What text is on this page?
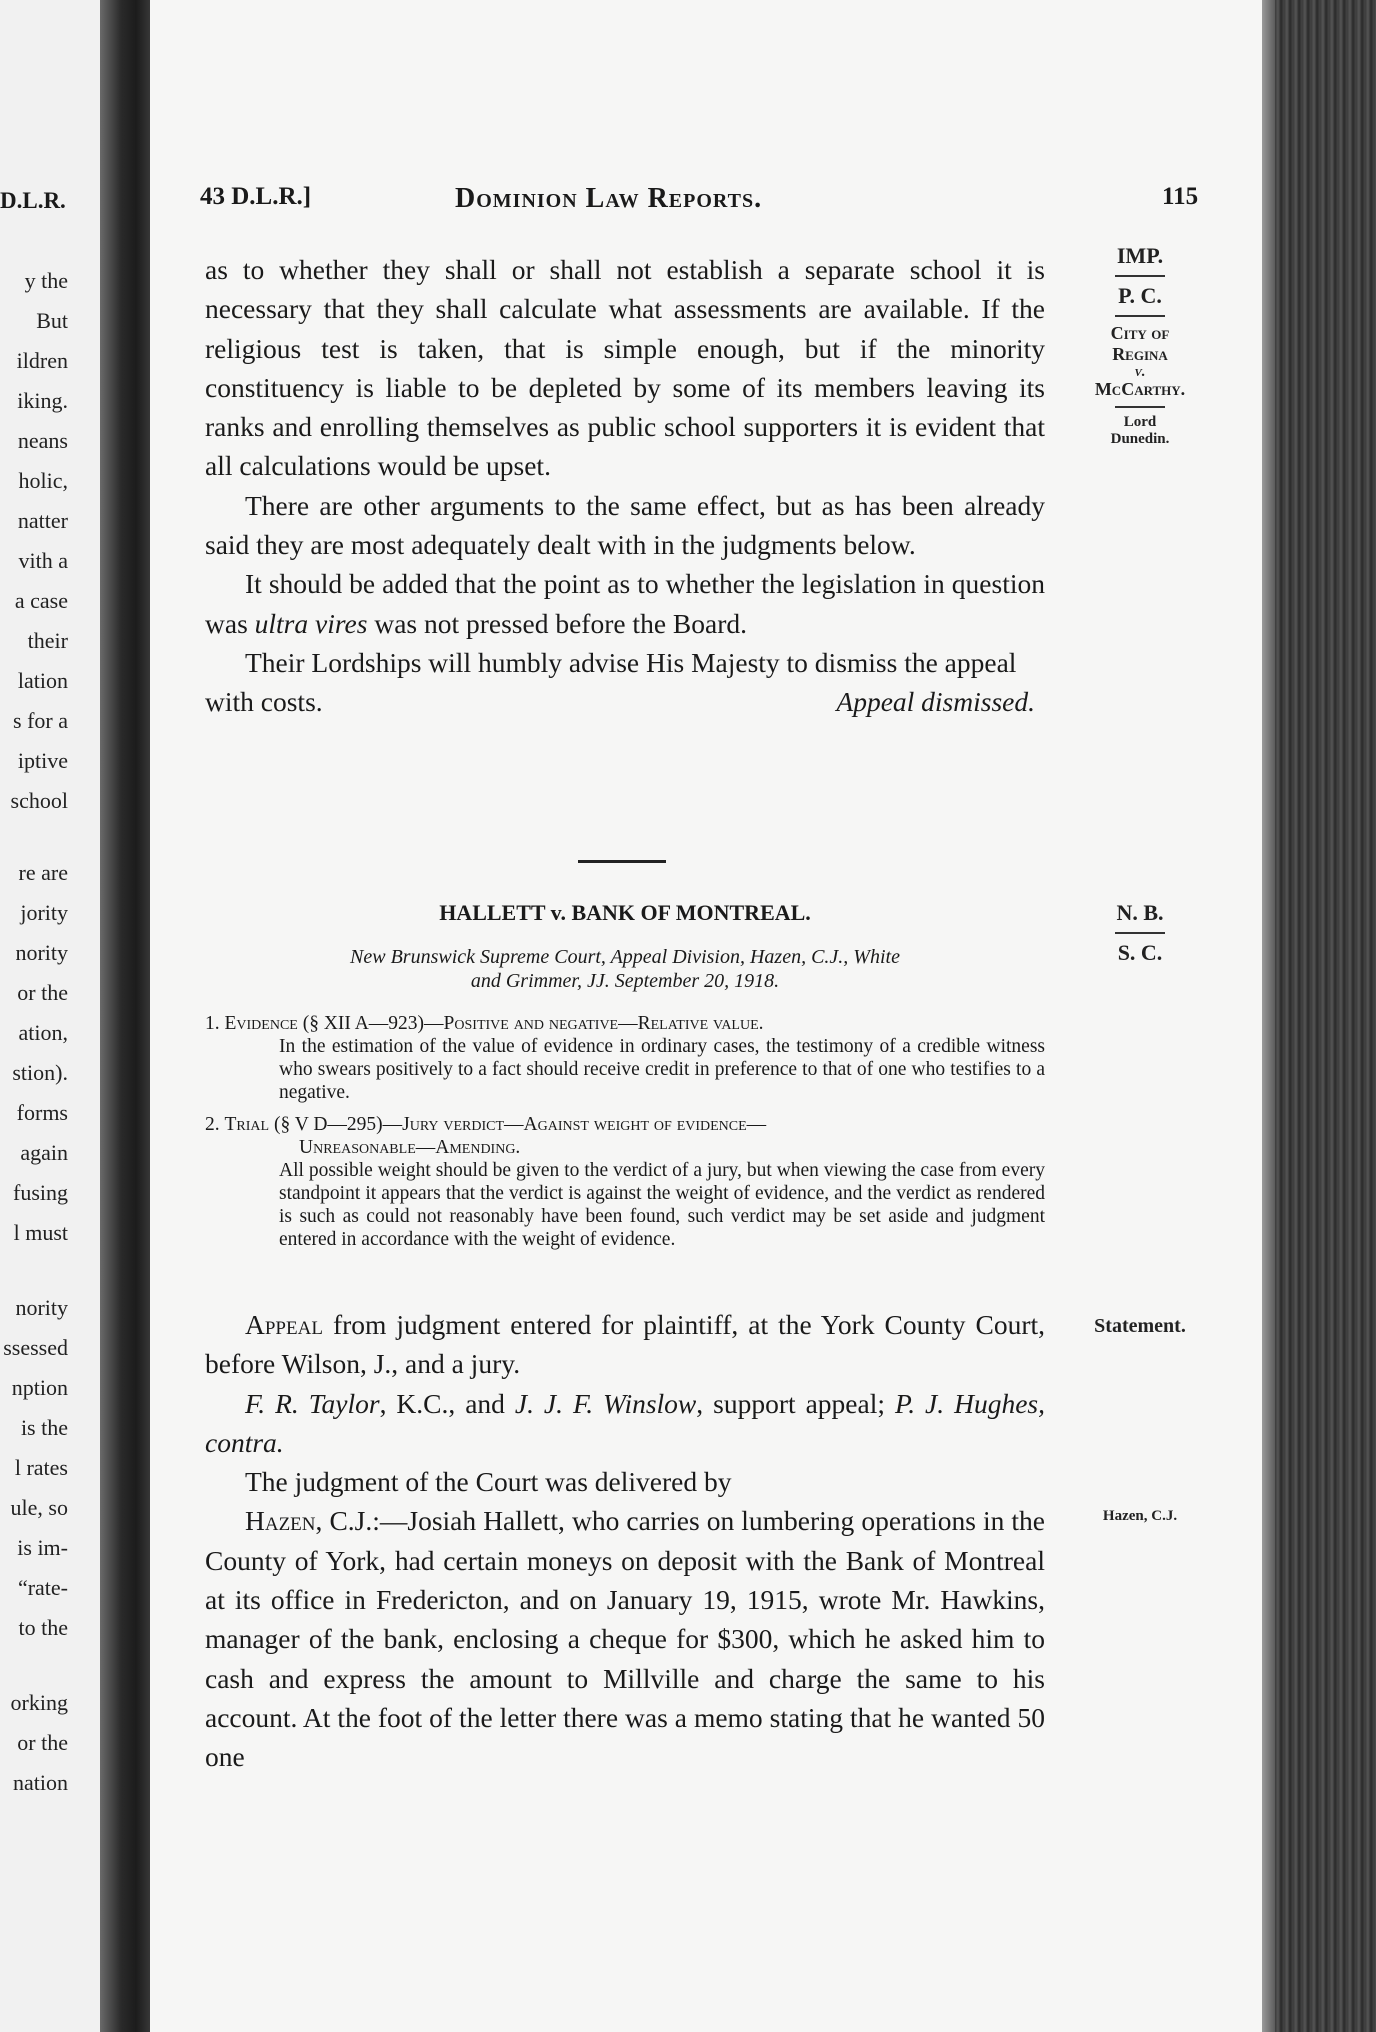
D.L.R.
y the
But
ildren
iking.
neans
holic,
natter
vith a
a case
their
lation
s for a
iptive
school
re are
jority
nority
or the
ation,
stion).
forms
again
fusing
l must
nority
ssessed
nption
is the
l rates
ule, so
is im-
“rate-
to the
orking
or the
nation
43 D.L.R.]	Dominion Law Reports.	115
IMP.
P. C.
City of
Regina
v.
McCarthy.
Lord
Dunedin.

as to whether they shall or shall not establish a separate school it is necessary that they shall calculate what assessments are available. If the religious test is taken, that is simple enough, but if the minority constituency is liable to be depleted by some of its members leaving its ranks and enrolling themselves as public school supporters it is evident that all calculations would be upset.

There are other arguments to the same effect, but as has been already said they are most adequately dealt with in the judgments below.

It should be added that the point as to whether the legislation in question was ultra vires was not pressed before the Board.

Their Lordships will humbly advise His Majesty to dismiss the appeal with costs.	Appeal dismissed.

HALLETT v. BANK OF MONTREAL.	N. B.
S. C.
New Brunswick Supreme Court, Appeal Division, Hazen, C.J., White
and Grimmer, JJ. September 20, 1918.

1. Evidence (§ XII A—923)—Positive and negative—Relative value.

In the estimation of the value of evidence in ordinary cases, the testimony of a credible witness who swears positively to a fact should receive credit in preference to that of one who testifies to a negative.

2. Trial (§ V D—295)—Jury verdict—Against weight of evidence—

Unreasonable—Amending.

All possible weight should be given to the verdict of a jury, but when viewing the case from every standpoint it appears that the verdict is against the weight of evidence, and the verdict as rendered is such as could not reasonably have been found, such verdict may be set aside and judgment entered in accordance with the weight of evidence.

Appeal from judgment entered for plaintiff, at the York County Court, before Wilson, J., and a jury.

F. R. Taylor, K.C., and J. J. F. Winslow, support appeal; P. J. Hughes, contra.

The judgment of the Court was delivered by

Hazen, C.J.:—Josiah Hallett, who carries on lumbering operations in the County of York, had certain moneys on deposit with the Bank of Montreal at its office in Fredericton, and on January 19, 1915, wrote Mr. Hawkins, manager of the bank, enclosing a cheque for $300, which he asked him to cash and express the amount to Millville and charge the same to his account. At the foot of the letter there was a memo stating that he wanted 50 one

Statement.
Hazen, C.J.
